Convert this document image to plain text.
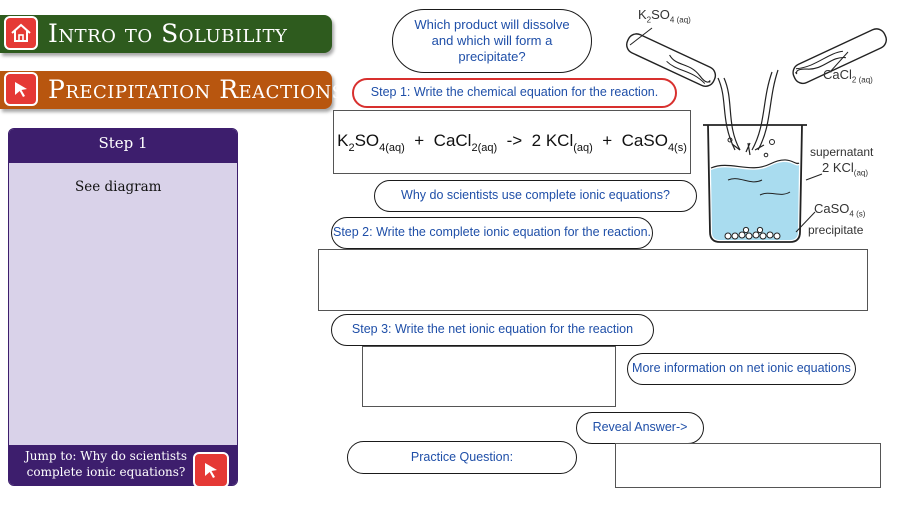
Intro to Solubility
Precipitation Reactions
Step 1
See diagram
Jump to: Why do scientists complete ionic equations?
Which product will dissolve and which will form a precipitate?
Step 1: Write the chemical equation for the reaction.
$K_2SO_{4(aq)}$ + CaCl$_{2(aq)}$ -> 2 KCl$_{(aq)}$ + CaSO$_{4(s)}$
Why do scientists use complete ionic equations?
Step 2: Write the complete ionic equation for the reaction.
Step 3: Write the net ionic equation for the reaction
More information on net ionic equations
Reveal Answer->
Practice Question:
$K_2SO_{4 (aq)}$
CaCl$_{2 (aq)}$
supernatant
2 KCl$_{(aq)}$
CaSO$_{4 (s)}$
precipitate
